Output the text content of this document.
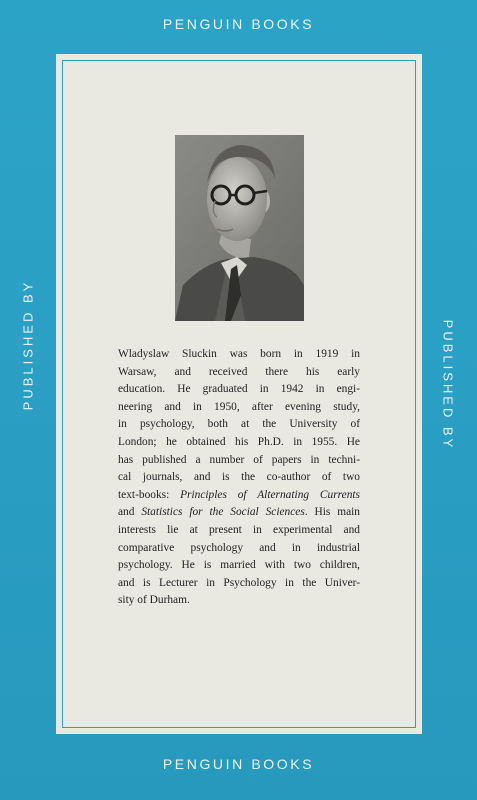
PENGUIN BOOKS
PUBLISHED BY	PUBLISHED BY
Wladyslaw Sluckin was born in 1919 in
Warsaw, and received there his early
education. He graduated in 1942 in engi-
neering and in 1950, after evening study,
in psychology, both at the University of
London; he obtained his Ph.D. in 1955. He
has published a number of papers in techni-
cal journals, and is the co-author of two
text-books: Principles of Alternating Currents
and Statistics for the Social Sciences. His main
interests lie at present in experimental and
comparative psychology and in industrial
psychology. He is married with two children,
and is Lecturer in Psychology in the Univer-
sity of Durham.
PENGUIN BOOKS
